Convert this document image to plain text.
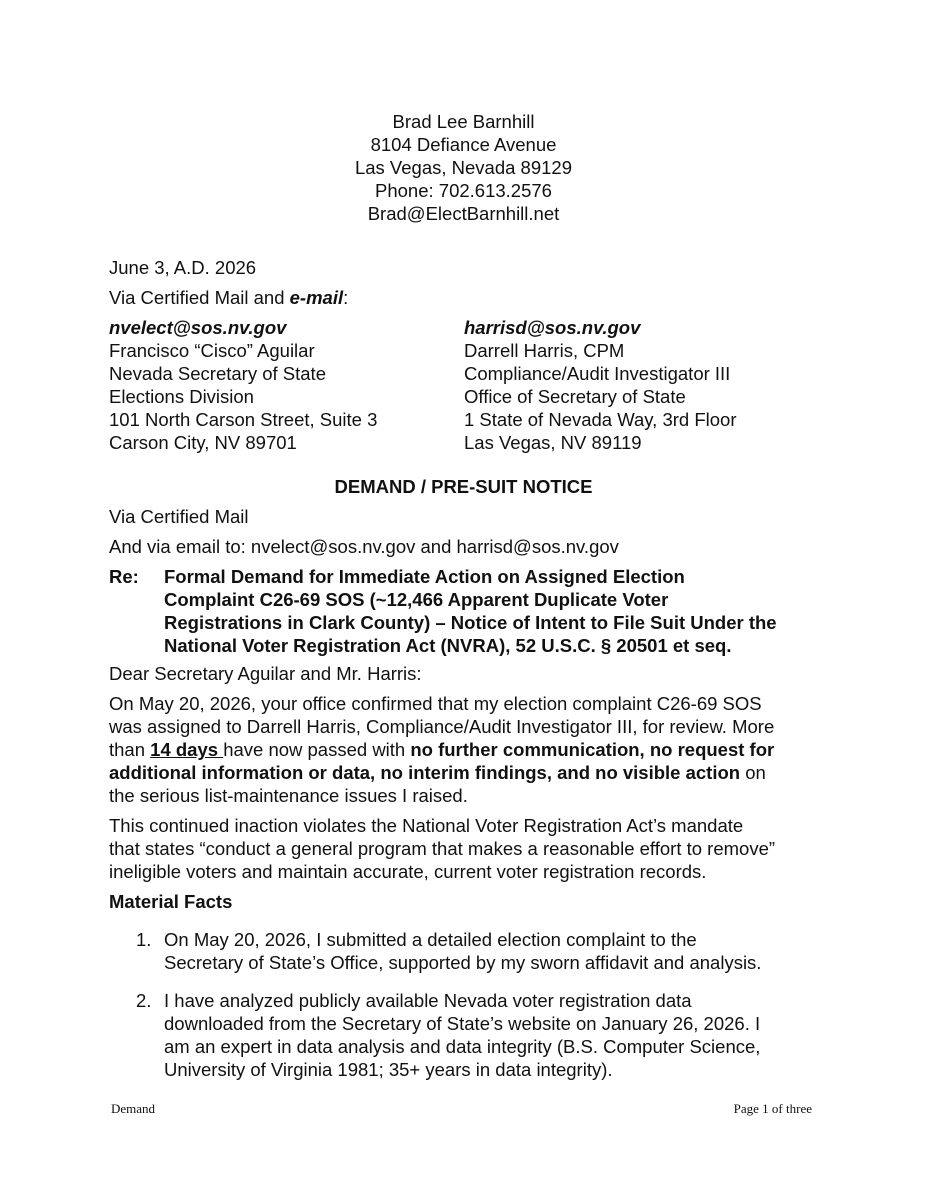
Brad Lee Barnhill
8104 Defiance Avenue
Las Vegas, Nevada 89129
Phone: 702.613.2576
Brad@ElectBarnhill.net
June 3, A.D. 2026
Via Certified Mail and e-mail:
nvelect@sos.nv.gov
Francisco “Cisco” Aguilar
Nevada Secretary of State
Elections Division
101 North Carson Street, Suite 3
Carson City, NV 89701
harrisd@sos.nv.gov
Darrell Harris, CPM
Compliance/Audit Investigator III
Office of Secretary of State
1 State of Nevada Way, 3rd Floor
Las Vegas, NV 89119
DEMAND / PRE-SUIT NOTICE
Via Certified Mail
And via email to: nvelect@sos.nv.gov and harrisd@sos.nv.gov
Re: Formal Demand for Immediate Action on Assigned Election
Complaint C26-69 SOS (~12,466 Apparent Duplicate Voter
Registrations in Clark County) – Notice of Intent to File Suit Under the
National Voter Registration Act (NVRA), 52 U.S.C. § 20501 et seq.
Dear Secretary Aguilar and Mr. Harris:
On May 20, 2026, your office confirmed that my election complaint C26-69 SOS
was assigned to Darrell Harris, Compliance/Audit Investigator III, for review. More
than 14 days have now passed with no further communication, no request for
additional information or data, no interim findings, and no visible action on
the serious list-maintenance issues I raised.
This continued inaction violates the National Voter Registration Act’s mandate
that states “conduct a general program that makes a reasonable effort to remove”
ineligible voters and maintain accurate, current voter registration records.
Material Facts
1. On May 20, 2026, I submitted a detailed election complaint to the
Secretary of State’s Office, supported by my sworn affidavit and analysis.
2. I have analyzed publicly available Nevada voter registration data
downloaded from the Secretary of State’s website on January 26, 2026. I
am an expert in data analysis and data integrity (B.S. Computer Science,
University of Virginia 1981; 35+ years in data integrity).
Demand	Page 1 of three
